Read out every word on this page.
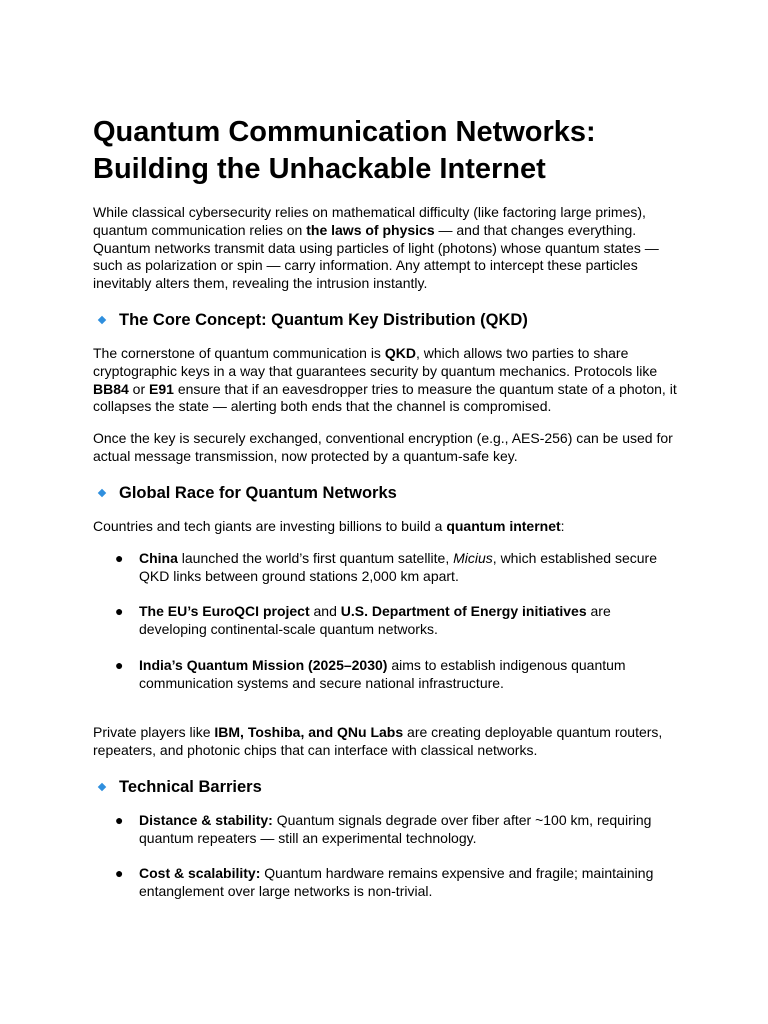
Quantum Communication Networks:
Building the Unhackable Internet

While classical cybersecurity relies on mathematical difficulty (like factoring large primes), quantum communication relies on the laws of physics — and that changes everything.
Quantum networks transmit data using particles of light (photons) whose quantum states — such as polarization or spin — carry information. Any attempt to intercept these particles inevitably alters them, revealing the intrusion instantly.

The Core Concept: Quantum Key Distribution (QKD)

The cornerstone of quantum communication is QKD, which allows two parties to share cryptographic keys in a way that guarantees security by quantum mechanics. Protocols like BB84 or E91 ensure that if an eavesdropper tries to measure the quantum state of a photon, it collapses the state — alerting both ends that the channel is compromised.

Once the key is securely exchanged, conventional encryption (e.g., AES-256) can be used for actual message transmission, now protected by a quantum-safe key.

Global Race for Quantum Networks

Countries and tech giants are investing billions to build a quantum internet:

● China launched the world’s first quantum satellite, Micius, which established secure QKD links between ground stations 2,000 km apart.

● The EU’s EuroQCI project and U.S. Department of Energy initiatives are developing continental-scale quantum networks.

● India’s Quantum Mission (2025–2030) aims to establish indigenous quantum communication systems and secure national infrastructure.

Private players like IBM, Toshiba, and QNu Labs are creating deployable quantum routers, repeaters, and photonic chips that can interface with classical networks.

Technical Barriers
● Distance & stability: Quantum signals degrade over fiber after ~100 km, requiring quantum repeaters — still an experimental technology.

● Cost & scalability: Quantum hardware remains expensive and fragile; maintaining entanglement over large networks is non-trivial.
